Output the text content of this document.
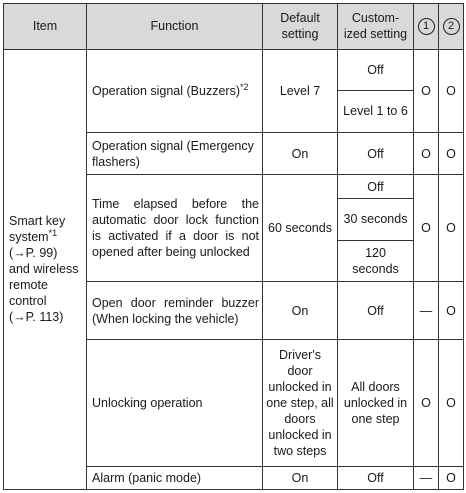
Item	Function	Default setting	Custom-ized setting	1	2
Smart key system$^{*1}$
(→P. 99)
and wireless remote control
(→P. 113)	Operation signal (Buzzers)$^{*2}$	Level 7	Off	O	O
			Level 1 to 6		
	Operation signal (Emergency flashers)	On	Off	O	O
	Time elapsed before the automatic door lock function is activated if a door is not opened after being unlocked	60 seconds	Off	O	O
			30 seconds		
			120 seconds		
	Open door reminder buzzer (When locking the vehicle)	On	Off	—	O
	Unlocking operation	Driver's door unlocked in one step, all doors unlocked in two steps	All doors unlocked in one step	O	O
	Alarm (panic mode)	On	Off	—	O
